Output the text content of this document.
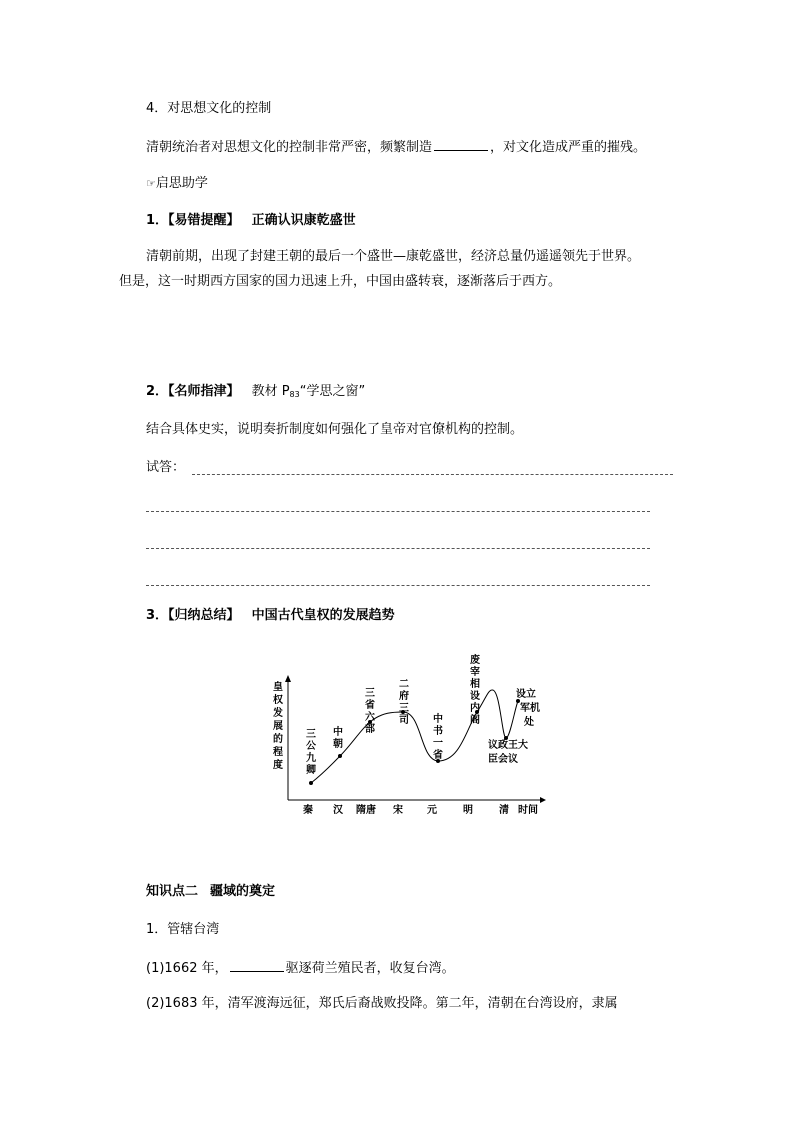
4．对思想文化的控制
清朝统治者对思想文化的控制非常严密，频繁制造	，对文化造成严重的摧残。
☞启思助学
1．【易错提醒】 正确认识康乾盛世
清朝前期，出现了封建王朝的最后一个盛世—康乾盛世，经济总量仍遥遥领先于世界。
但是，这一时期西方国家的国力迅速上升，中国由盛转衰，逐渐落后于西方。
2．【名师指津】 教材 $P_{83}“$学思之窗”
结合具体史实，说明奏折制度如何强化了皇帝对官僚机构的控制。
试答：
3．【归纳总结】 中国古代皇权的发展趋势
皇
权
发
展
的
程
度
秦 汉 隋唐 宋 元	明	清 时间
三
公
九
卿
中
朝
三
省
六
部
二
府
三
司 中
书
一
省
废
宰
相
设
内
阁
议政王大
臣会议
设立
军机
处
知识点二 疆域的奠定
1．管辖台湾
(1)1662 年，	驱逐荷兰殖民者，收复台湾。
(2)1683 年，清军渡海远征，郑氏后裔战败投降。第二年，清朝在台湾设府，隶属
